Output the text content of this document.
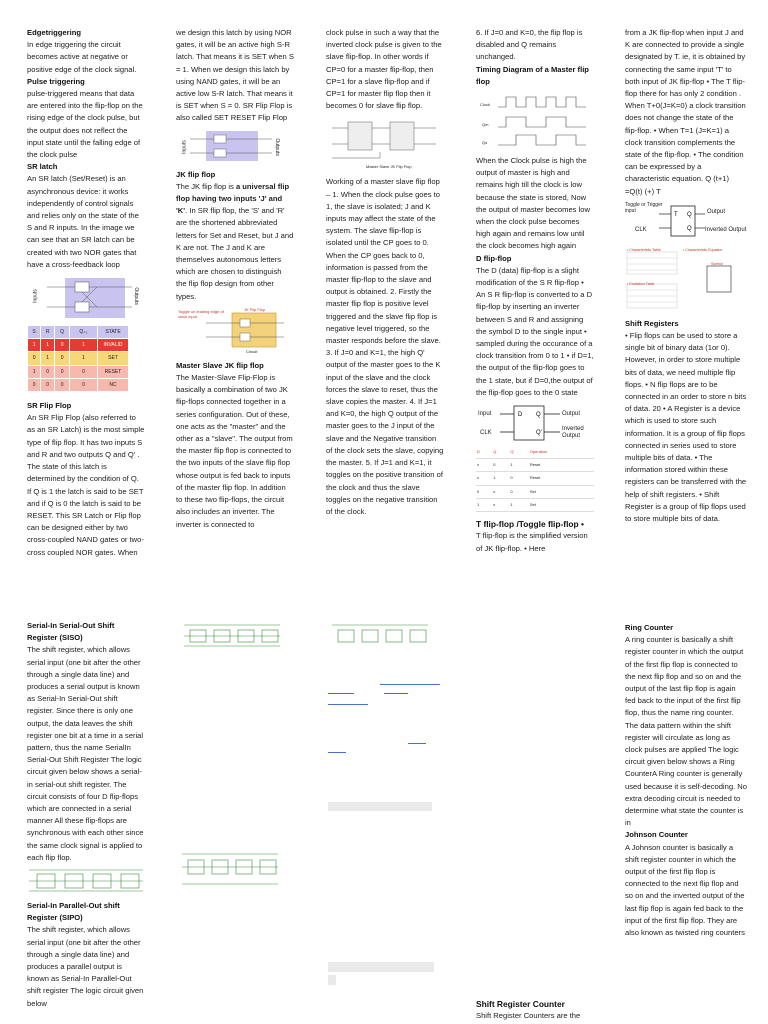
Edgetriggering

In edge triggering the circuit becomes active at negative or positive edge of the clock signal.

Pulse triggering

pulse-triggered means that data are entered into the flip-flop on the rising edge of the clock pulse, but the output does not reflect the input state until the falling edge of the clock pulse

SR latch

An SR latch (Set/Reset) is an asynchronous device: it works independently of control signals and relies only on the state of the S and R inputs. In the image we can see that an SR latch can be created with two NOR gates that have a cross-feedback loop

Inputs	Outputs
S	R	Q	Q₊₁	STATE
1	1	0	1	INVALID
0	1	0	1	SET
1	0	0	0	RESET
0	0	0	0	NC

SR Flip Flop

An SR Flip Flop (also referred to as an SR Latch) is the most simple type of flip flop. It has two inputs S and R and two outputs Q and Q' . The state of this latch is determined by the condition of Q. If Q is 1 the latch is said to be SET and if Q is 0 the latch is said to be RESET. This SR Latch or Flip flop can be designed either by two cross-coupled NAND gates or two-cross coupled NOR gates. When

Serial-In Serial-Out Shift Register (SISO)

The shift register, which allows serial input (one bit after the other through a single data line) and produces a serial output is known as Serial-In Serial-Out shift register. Since there is only one output, the data leaves the shift register one bit at a time in a serial pattern, thus the name SerialIn Serial-Out Shift Register The logic circuit given below shows a serial-in serial-out shift register. The circuit consists of four D flip-flops which are connected in a serial manner All these flip-flops are synchronous with each other since the same clock signal is applied to each flip flop.

Serial-In Parallel-Out shift Register (SIPO)

The shift register, which allows serial input (one bit after the other through a single data line) and produces a parallel output is known as Serial-In Parallel-Out shift register The logic circuit given below

we design this latch by using NOR gates, it will be an active high S-R latch. That means it is SET when S = 1. When we design this latch by using NAND gates, it will be an active low S-R latch. That means it is SET when S = 0. SR Flip Flop is also called SET RESET Flip Flop

Inputs	Outputs

JK flip flop

The JK flip flop is a universal flip flop having two inputs 'J' and 'K'. In SR flip flop, the 'S' and 'R' are the shortened abbreviated letters for Set and Reset, but J and K are not. The J and K are themselves autonomous letters which are chosen to distinguish the flip flop design from other types.

Toggle on leading edge of clock input
JK Flip Flop
Circuit

Master Slave JK flip flop

The Master-Slave Flip-Flop is basically a combination of two JK flip-flops connected together in a series configuration. Out of these, one acts as the "master" and the other as a "slave". The output from the master flip flop is connected to the two inputs of the slave flip flop whose output is fed back to inputs of the master flip flop. In addition to these two flip-flops, the circuit also includes an inverter. The inverter is connected to

clock pulse in such a way that the inverted clock pulse is given to the slave flip-flop. In other words if CP=0 for a master flip-flop, then CP=1 for a slave flip-flop and if CP=1 for master flip flop then it becomes 0 for slave flip flop.

Master Slave JK Flip Flop

Working of a master slave flip flop – 1. When the clock pulse goes to 1, the slave is isolated; J and K inputs may affect the state of the system. The slave flip-flop is isolated until the CP goes to 0. When the CP goes back to 0, information is passed from the master flip-flop to the slave and output is obtained. 2. Firstly the master flip flop is positive level triggered and the slave flip flop is negative level triggered, so the master responds before the slave. 3. If J=0 and K=1, the high Q' output of the master goes to the K input of the slave and the clock forces the slave to reset, thus the slave copies the master. 4. If J=1 and K=0, the high Q output of the master goes to the J input of the slave and the Negative transition of the clock sets the slave, copying the master. 5. If J=1 and K=1, it toggles on the positive transition of the clock and thus the slave toggles on the negative transition of the clock.

6. If J=0 and K=0, the flip flop is disabled and Q remains unchanged.

Timing Diagram of a Master flip flop

Clock
Qm
Qs

When the Clock pulse is high the output of master is high and remains high till the clock is low because the state is stored, Now the output of master becomes low when the clock pulse becomes high again and remains low until the clock becomes high again

D flip-flop

The D (data) flip-flop is a slight modification of the S R flip-flop • An S R flip-flop is converted to a D flip-flop by inserting an inverter between S and R and assigning the symbol D to the single input • sampled during the occurance of a clock transition from 0 to 1 • if D=1, the output of the flip-flop goes to the 1 state, but if D=0,the output of the flip-flop goes to the 0 state

D Q
Q'
Input
CLK
Output
Inverted Output
D	Q	Q'	Operation
x	0	1	Reset
x	1	0	Reset
0	x	0	Set
1	x	1	Set

T flip-flop /Toggle flip-flop •

T flip-flop is the simplified version of JK flip-flop. • Here

Shift Register Counter

Shift Register Counters are the

from a JK flip-flop when input J and K are connected to provide a single designated by T. ie, it is obtained by connecting the same input 'T' to both input of JK flip-flop • The T flip-flop there for has only 2 condition . When T+0(J=K=0) a clock transition does not change the state of the flip-flop. • When T=1 (J=K=1) a clock transition complements the state of the flip-flop. • The condition can be expressed by a characteristic equation. Q (t+1) =Q(t) (+) T

T Q
Q
Toggle or Trigger input	Output
CLK	Inverted Output
• Characteristic Table	• Characteristic Equation
• Excitation Table
Symbol

Shift Registers

• Flip flops can be used to store a single bit of binary data (1or 0). However, in order to store multiple bits of data, we need multiple flip flops. • N flip flops are to be connected in an order to store n bits of data. 20 • A Register is a device which is used to store such information. It is a group of flip flops connected in series used to store multiple bits of data. • The information stored within these registers can be transferred with the help of shift registers. • Shift Register is a group of flip flops used to store multiple bits of data.

Ring Counter

A ring counter is basically a shift register counter in which the output of the first flip flop is connected to the next flip flop and so on and the output of the last flip flop is again fed back to the input of the first flip flop, thus the name ring counter. The data pattern within the shift register will circulate as long as clock pulses are applied The logic circuit given below shows a Ring CounterA Ring counter is generally used because it is self-decoding. No extra decoding circuit is needed to determine what state the counter is in

Johnson Counter

A Johnson counter is basically a shift register counter in which the output of the first flip flop is connected to the next flip flop and so on and the inverted output of the last flip flop is again fed back to the input of the first flip flop. They are also known as twisted ring counters
